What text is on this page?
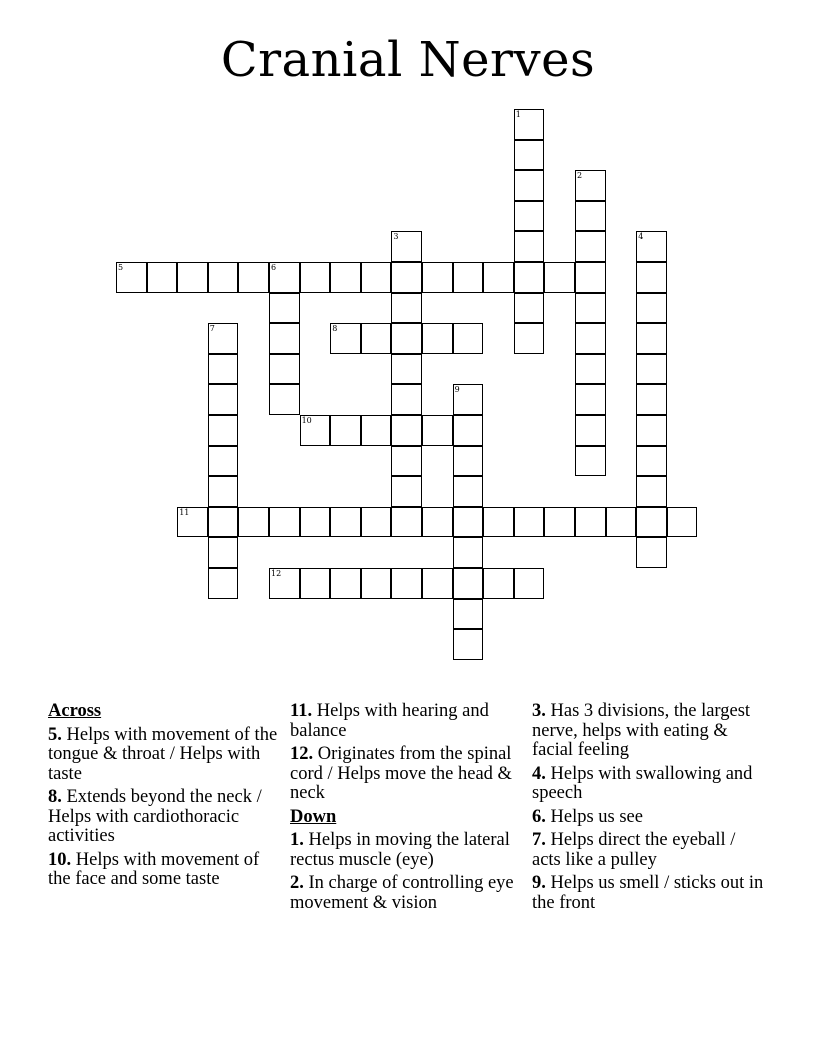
Cranial Nerves
1
2
3	4
5	6
7	8
9
10
11
12
Across
5. Helps with movement of the tongue & throat / Helps with taste
8. Extends beyond the neck / Helps with cardiothoracic activities
10. Helps with movement of the face and some taste
11. Helps with hearing and balance
12. Originates from the spinal cord / Helps move the head & neck
Down
1. Helps in moving the lateral rectus muscle (eye)
2. In charge of controlling eye movement & vision
3. Has 3 divisions, the largest nerve, helps with eating & facial feeling
4. Helps with swallowing and speech
6. Helps us see
7. Helps direct the eyeball / acts like a pulley
9. Helps us smell / sticks out in the front
